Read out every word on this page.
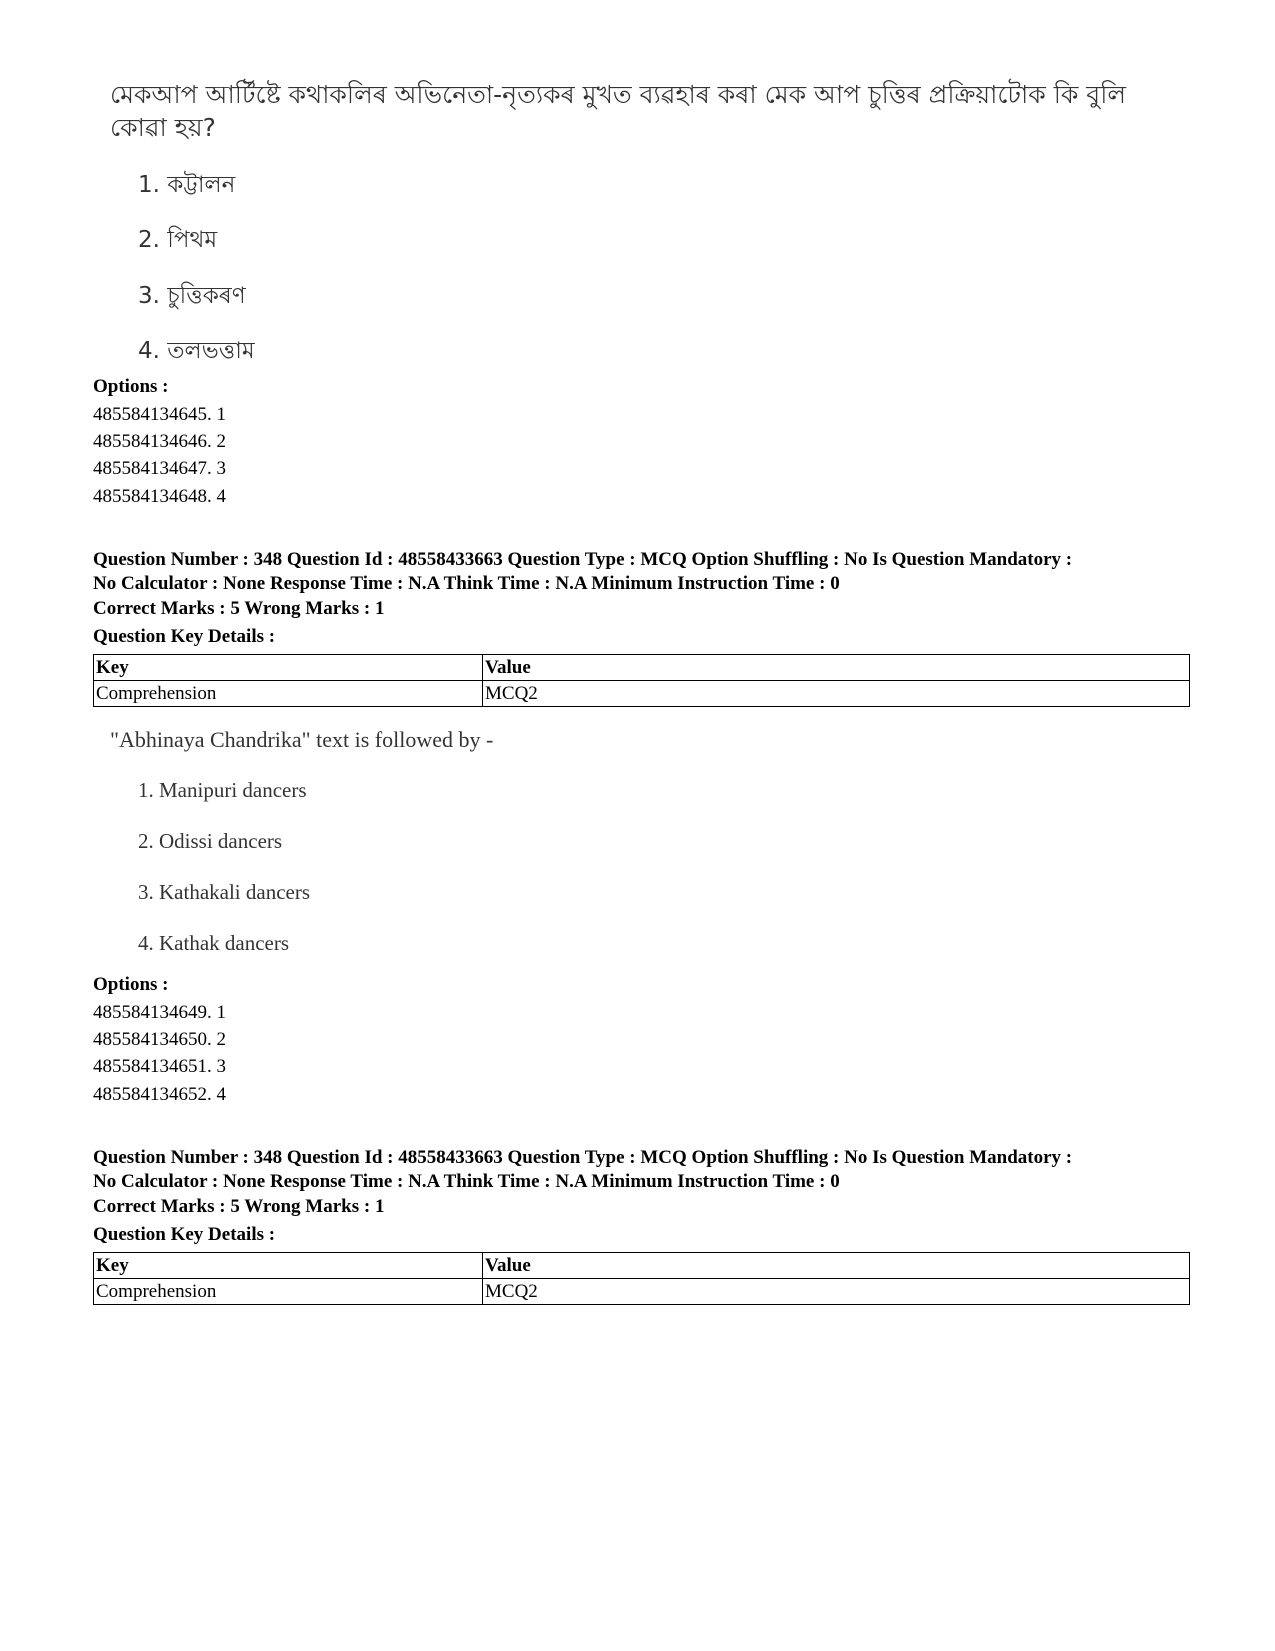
মেকআপ আৰ্টিষ্টে কথাকলিৰ অভিনেতা-নৃত্যকৰ মুখত ব্যৱহাৰ কৰা মেক আপ চুত্তিৰ প্ৰক্ৰিয়াটোক কি বুলি কোৱা হয়?
1. কট্টালন
2. পিথম
3. চুত্তিকৰণ
4. তলভত্তাম
Options :
485584134645. 1
485584134646. 2
485584134647. 3
485584134648. 4
Question Number : 348 Question Id : 48558433663 Question Type : MCQ Option Shuffling : No Is Question Mandatory :
No Calculator : None Response Time : N.A Think Time : N.A Minimum Instruction Time : 0
Correct Marks : 5 Wrong Marks : 1
Question Key Details :
Key	Value
Comprehension	MCQ2
"Abhinaya Chandrika" text is followed by -
1. Manipuri dancers
2. Odissi dancers
3. Kathakali dancers
4. Kathak dancers
Options :
485584134649. 1
485584134650. 2
485584134651. 3
485584134652. 4
Question Number : 348 Question Id : 48558433663 Question Type : MCQ Option Shuffling : No Is Question Mandatory :
No Calculator : None Response Time : N.A Think Time : N.A Minimum Instruction Time : 0
Correct Marks : 5 Wrong Marks : 1
Question Key Details :
Key	Value
Comprehension	MCQ2
